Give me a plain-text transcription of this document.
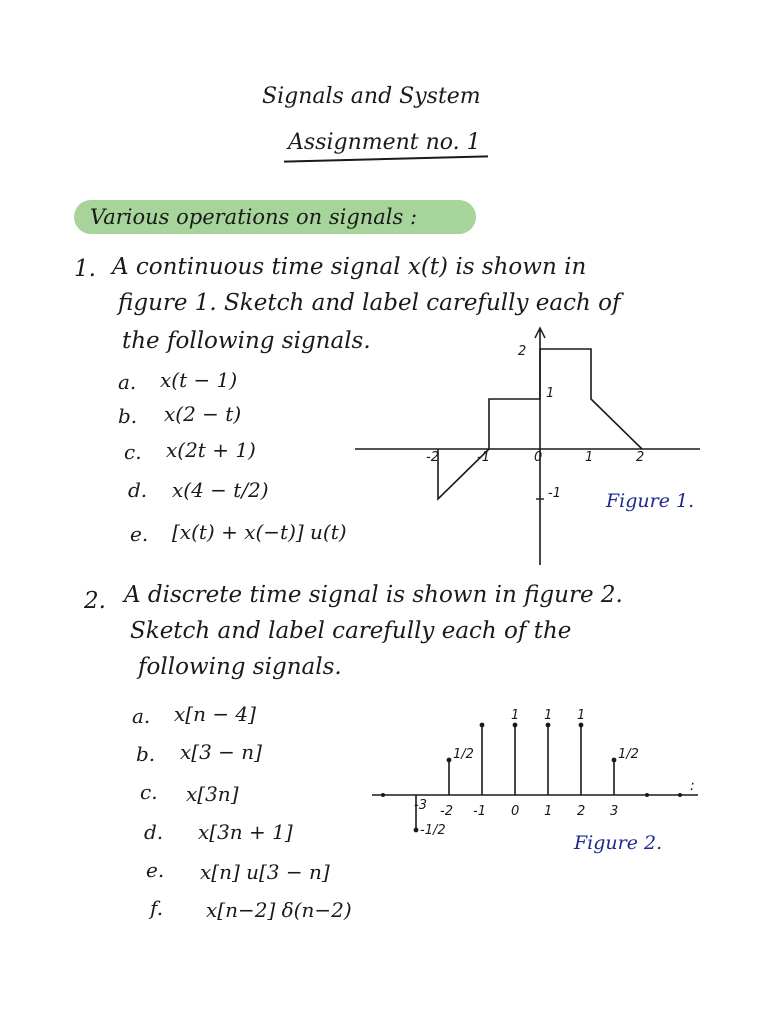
Signals and System
Assignment no. 1
Various operations on signals :
1. A continuous time signal x(t) is shown in
figure 1. Sketch and label carefully each of
the following signals.
a. x(t − 1)
b. x(2 − t)
c. x(2t + 1)
d. x(4 − t/2)
e. [x(t) + x(−t)] u(t)
-2	-1	0	1	2
2
1
-1
:
-1/2
-3
1/2
-2 -1
1
0
1
1
1
2
1/2
3
Figure 1.
2. A discrete time signal is shown in figure 2.
Sketch and label carefully each of the
following signals.
a. x[n − 4]
b. x[3 − n]
c. x[3n]
d. x[3n + 1]
e. x[n] u[3 − n]
f. x[n−2] δ(n−2)
Figure 2.
